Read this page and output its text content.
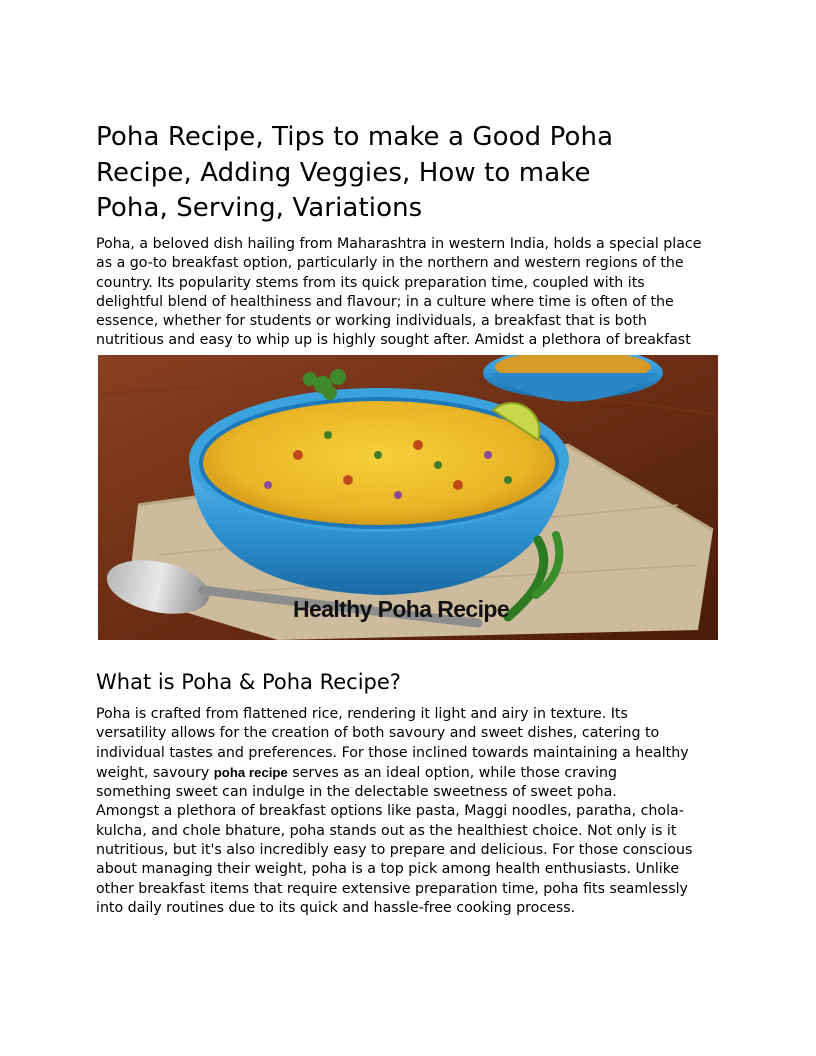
Poha Recipe, Tips to make a Good Poha Recipe, Adding Veggies, How to make Poha, Serving, Variations

Poha, a beloved dish hailing from Maharashtra in western India, holds a special place
as a go-to breakfast option, particularly in the northern and western regions of the
country. Its popularity stems from its quick preparation time, coupled with its
delightful blend of healthiness and flavour; in a culture where time is often of the
essence, whether for students or working individuals, a breakfast that is both
nutritious and easy to whip up is highly sought after. Amidst a plethora of breakfast

Healthy Poha Recipe
What is Poha & Poha Recipe?

Poha is crafted from flattened rice, rendering it light and airy in texture. Its
versatility allows for the creation of both savoury and sweet dishes, catering to
individual tastes and preferences. For those inclined towards maintaining a healthy
weight, savoury poha recipe serves as an ideal option, while those craving
something sweet can indulge in the delectable sweetness of sweet poha.

Amongst a plethora of breakfast options like pasta, Maggi noodles, paratha, chola-
kulcha, and chole bhature, poha stands out as the healthiest choice. Not only is it
nutritious, but it's also incredibly easy to prepare and delicious. For those conscious
about managing their weight, poha is a top pick among health enthusiasts. Unlike
other breakfast items that require extensive preparation time, poha fits seamlessly
into daily routines due to its quick and hassle-free cooking process.
